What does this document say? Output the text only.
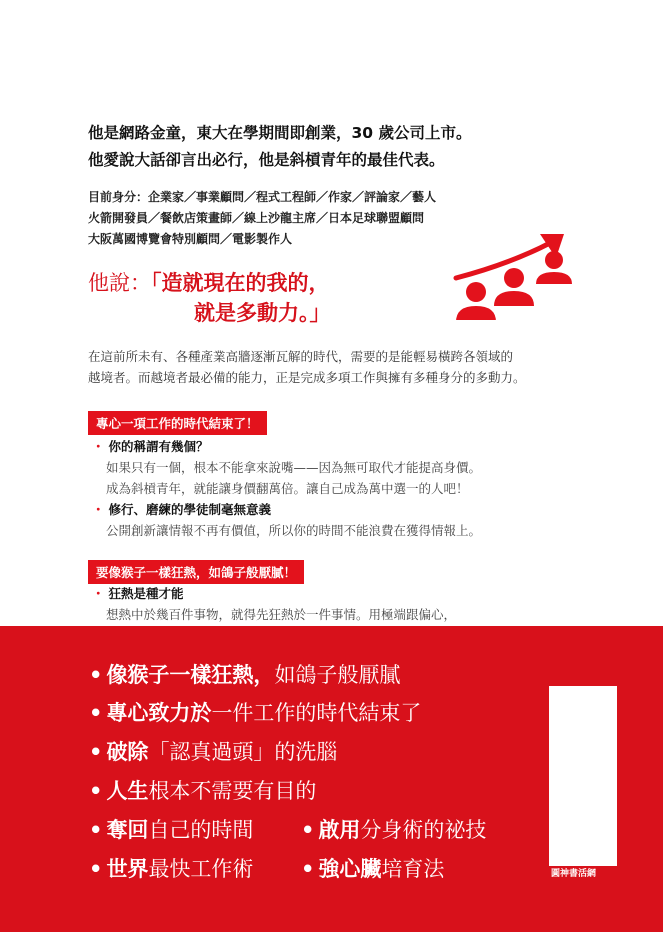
他是網路金童，東大在學期間即創業，30 歲公司上市。
他愛說大話卻言出必行，他是斜槓青年的最佳代表。
目前身分：企業家／事業顧問／程式工程師／作家／評論家／藝人
火箭開發員／餐飲店策畫師／線上沙龍主席／日本足球聯盟顧問
大阪萬國博覽會特別顧問／電影製作人
他說：「造就現在的我的，
就是多動力。」
在這前所未有、各種產業高牆逐漸瓦解的時代，需要的是能輕易橫跨各領域的
越境者。而越境者最必備的能力，正是完成多項工作與擁有多種身分的多動力。
專心一項工作的時代結束了！
・ 你的稱謂有幾個？
如果只有一個，根本不能拿來說嘴——因為無可取代才能提高身價。
成為斜槓青年，就能讓身價翻萬倍。讓自己成為萬中選一的人吧！
・ 修行、磨練的學徒制毫無意義
公開創新讓情報不再有價值，所以你的時間不能浪費在獲得情報上。
要像猴子一樣狂熱，如鴿子般厭膩！
・ 狂熱是種才能
想熱中於幾百件事物，就得先狂熱於一件事情。用極端跟偏心，
• 像猴子一樣狂熱，如鴿子般厭膩
• 專心致力於一件工作的時代結束了
• 破除「認真過頭」的洗腦
• 人生根本不需要有目的
• 奪回自己的時間 • 啟用分身術的祕技
• 世界最快工作術 • 強心臟培育法	BOOKLIFE
圓神書活網
